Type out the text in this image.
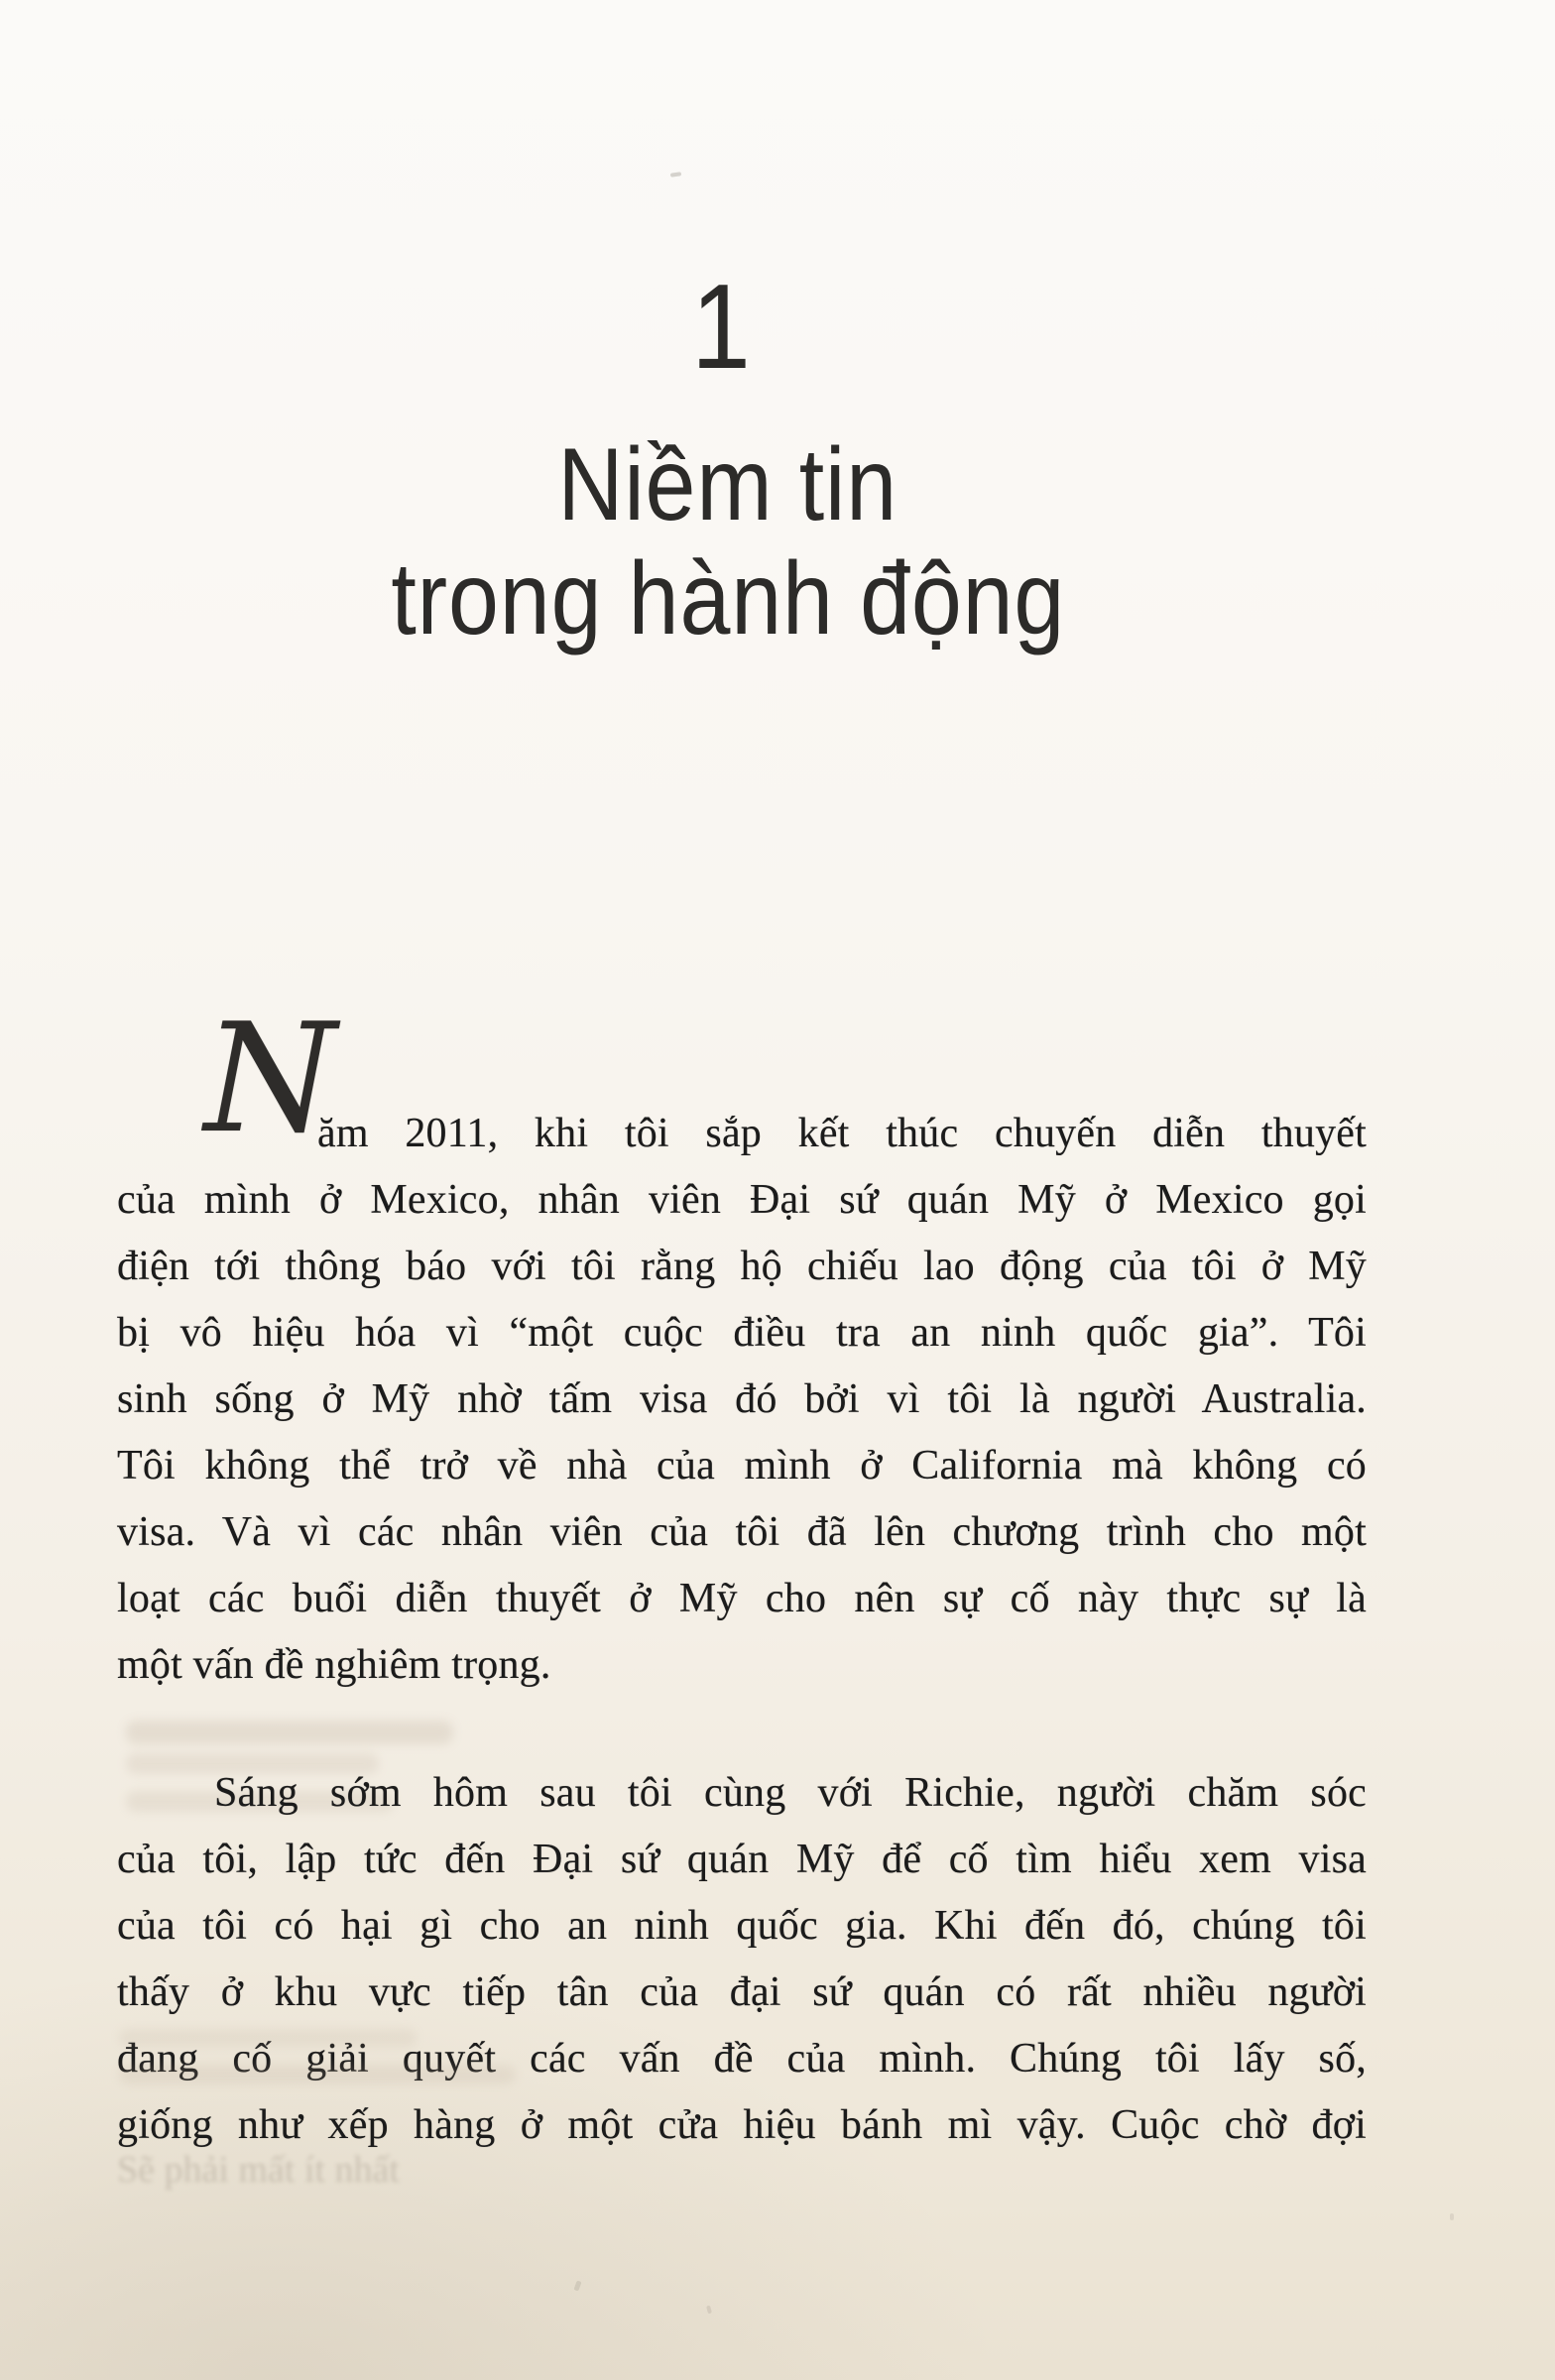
1
Niềm tin
trong hành động
N
ăm 2011, khi tôi sắp kết thúc chuyến diễn thuyết
của mình ở Mexico, nhân viên Đại sứ quán Mỹ ở Mexico gọi
điện tới thông báo với tôi rằng hộ chiếu lao động của tôi ở Mỹ
bị vô hiệu hóa vì “một cuộc điều tra an ninh quốc gia”. Tôi
sinh sống ở Mỹ nhờ tấm visa đó bởi vì tôi là người Australia.
Tôi không thể trở về nhà của mình ở California mà không có
visa. Và vì các nhân viên của tôi đã lên chương trình cho một
loạt các buổi diễn thuyết ở Mỹ cho nên sự cố này thực sự là
một vấn đề nghiêm trọng.
Sáng sớm hôm sau tôi cùng với Richie, người chăm sóc
của tôi, lập tức đến Đại sứ quán Mỹ để cố tìm hiểu xem visa
của tôi có hại gì cho an ninh quốc gia. Khi đến đó, chúng tôi
thấy ở khu vực tiếp tân của đại sứ quán có rất nhiều người
đang cố giải quyết các vấn đề của mình. Chúng tôi lấy số,
giống như xếp hàng ở một cửa hiệu bánh mì vậy. Cuộc chờ đợi
Sẽ phải mất ít nhất
